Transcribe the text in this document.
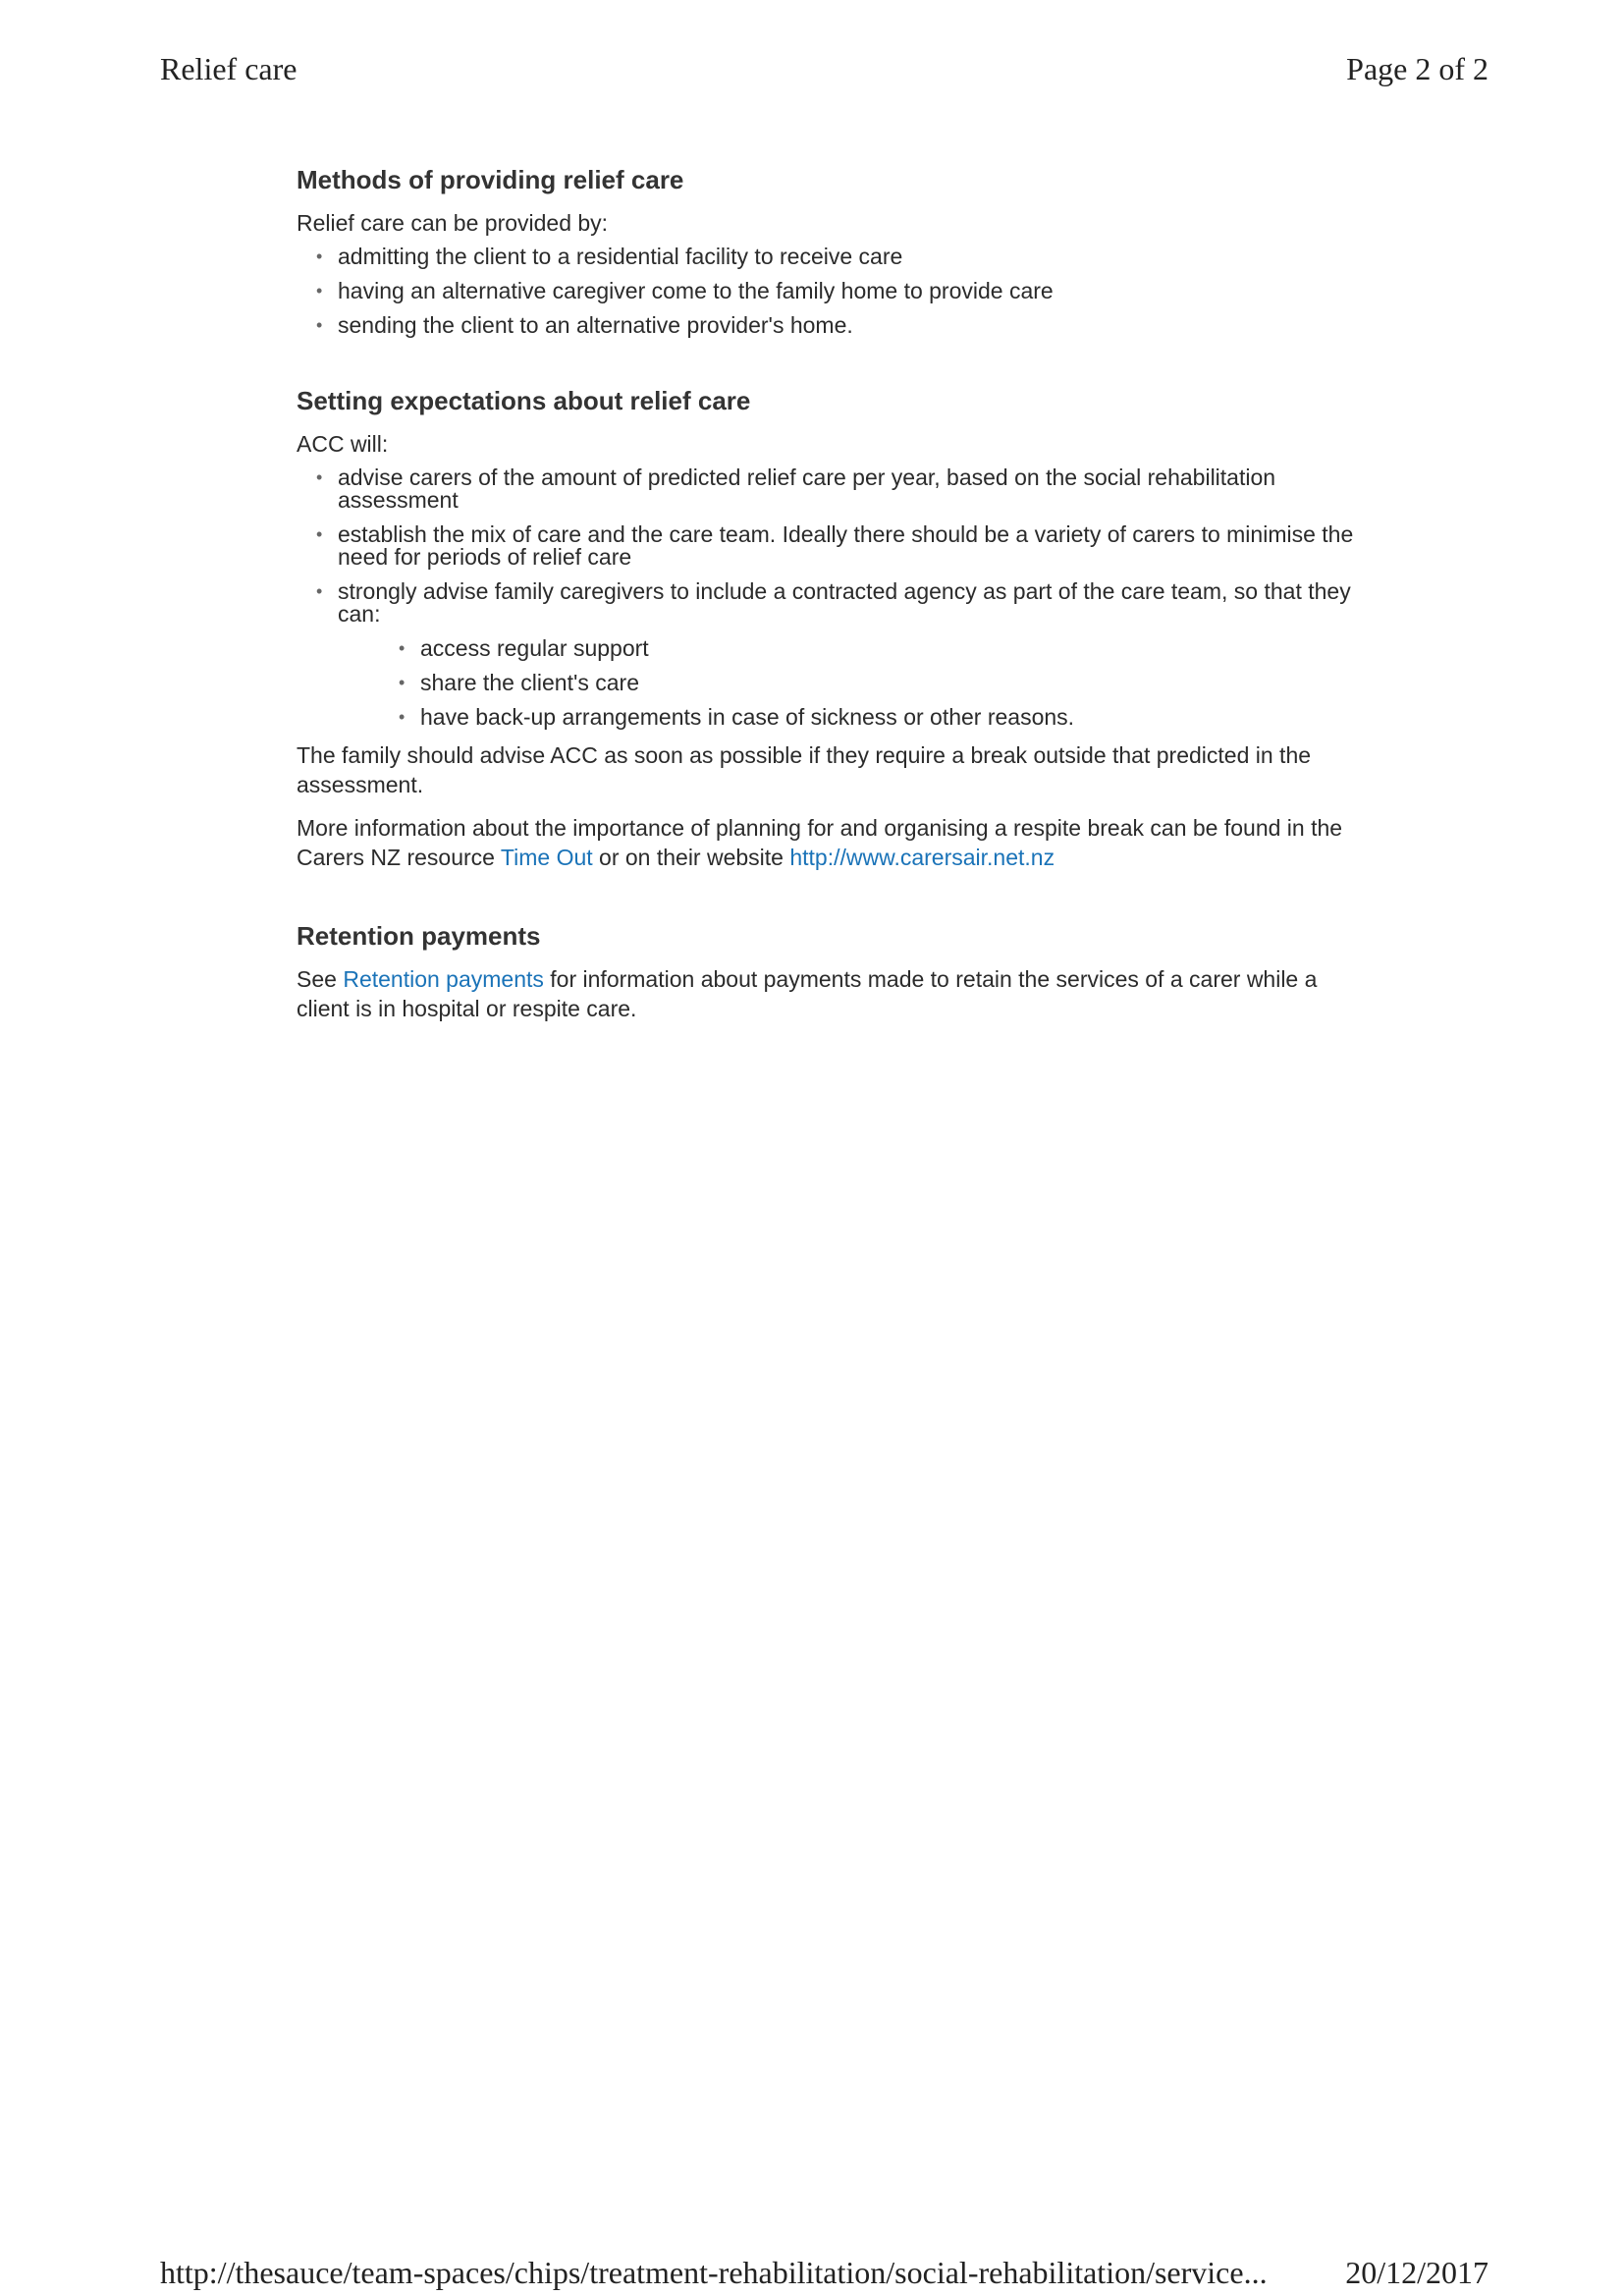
Relief care	Page 2 of 2
Methods of providing relief care

Relief care can be provided by:

• admitting the client to a residential facility to receive care
• having an alternative caregiver come to the family home to provide care
• sending the client to an alternative provider's home.
Setting expectations about relief care

ACC will:

• advise carers of the amount of predicted relief care per year, based on the social rehabilitation assessment
• establish the mix of care and the care team. Ideally there should be a variety of carers to minimise the need for periods of relief care
• strongly advise family caregivers to include a contracted agency as part of the care team, so that they can:
• access regular support
• share the client's care
• have back-up arrangements in case of sickness or other reasons.

The family should advise ACC as soon as possible if they require a break outside that predicted in the assessment.

More information about the importance of planning for and organising a respite break can be found in the Carers NZ resource Time Out or on their website http://www.carersair.net.nz

Retention payments

See Retention payments for information about payments made to retain the services of a carer while a client is in hospital or respite care.

http://thesauce/team-spaces/chips/treatment-rehabilitation/social-rehabilitation/service... 20/12/2017
